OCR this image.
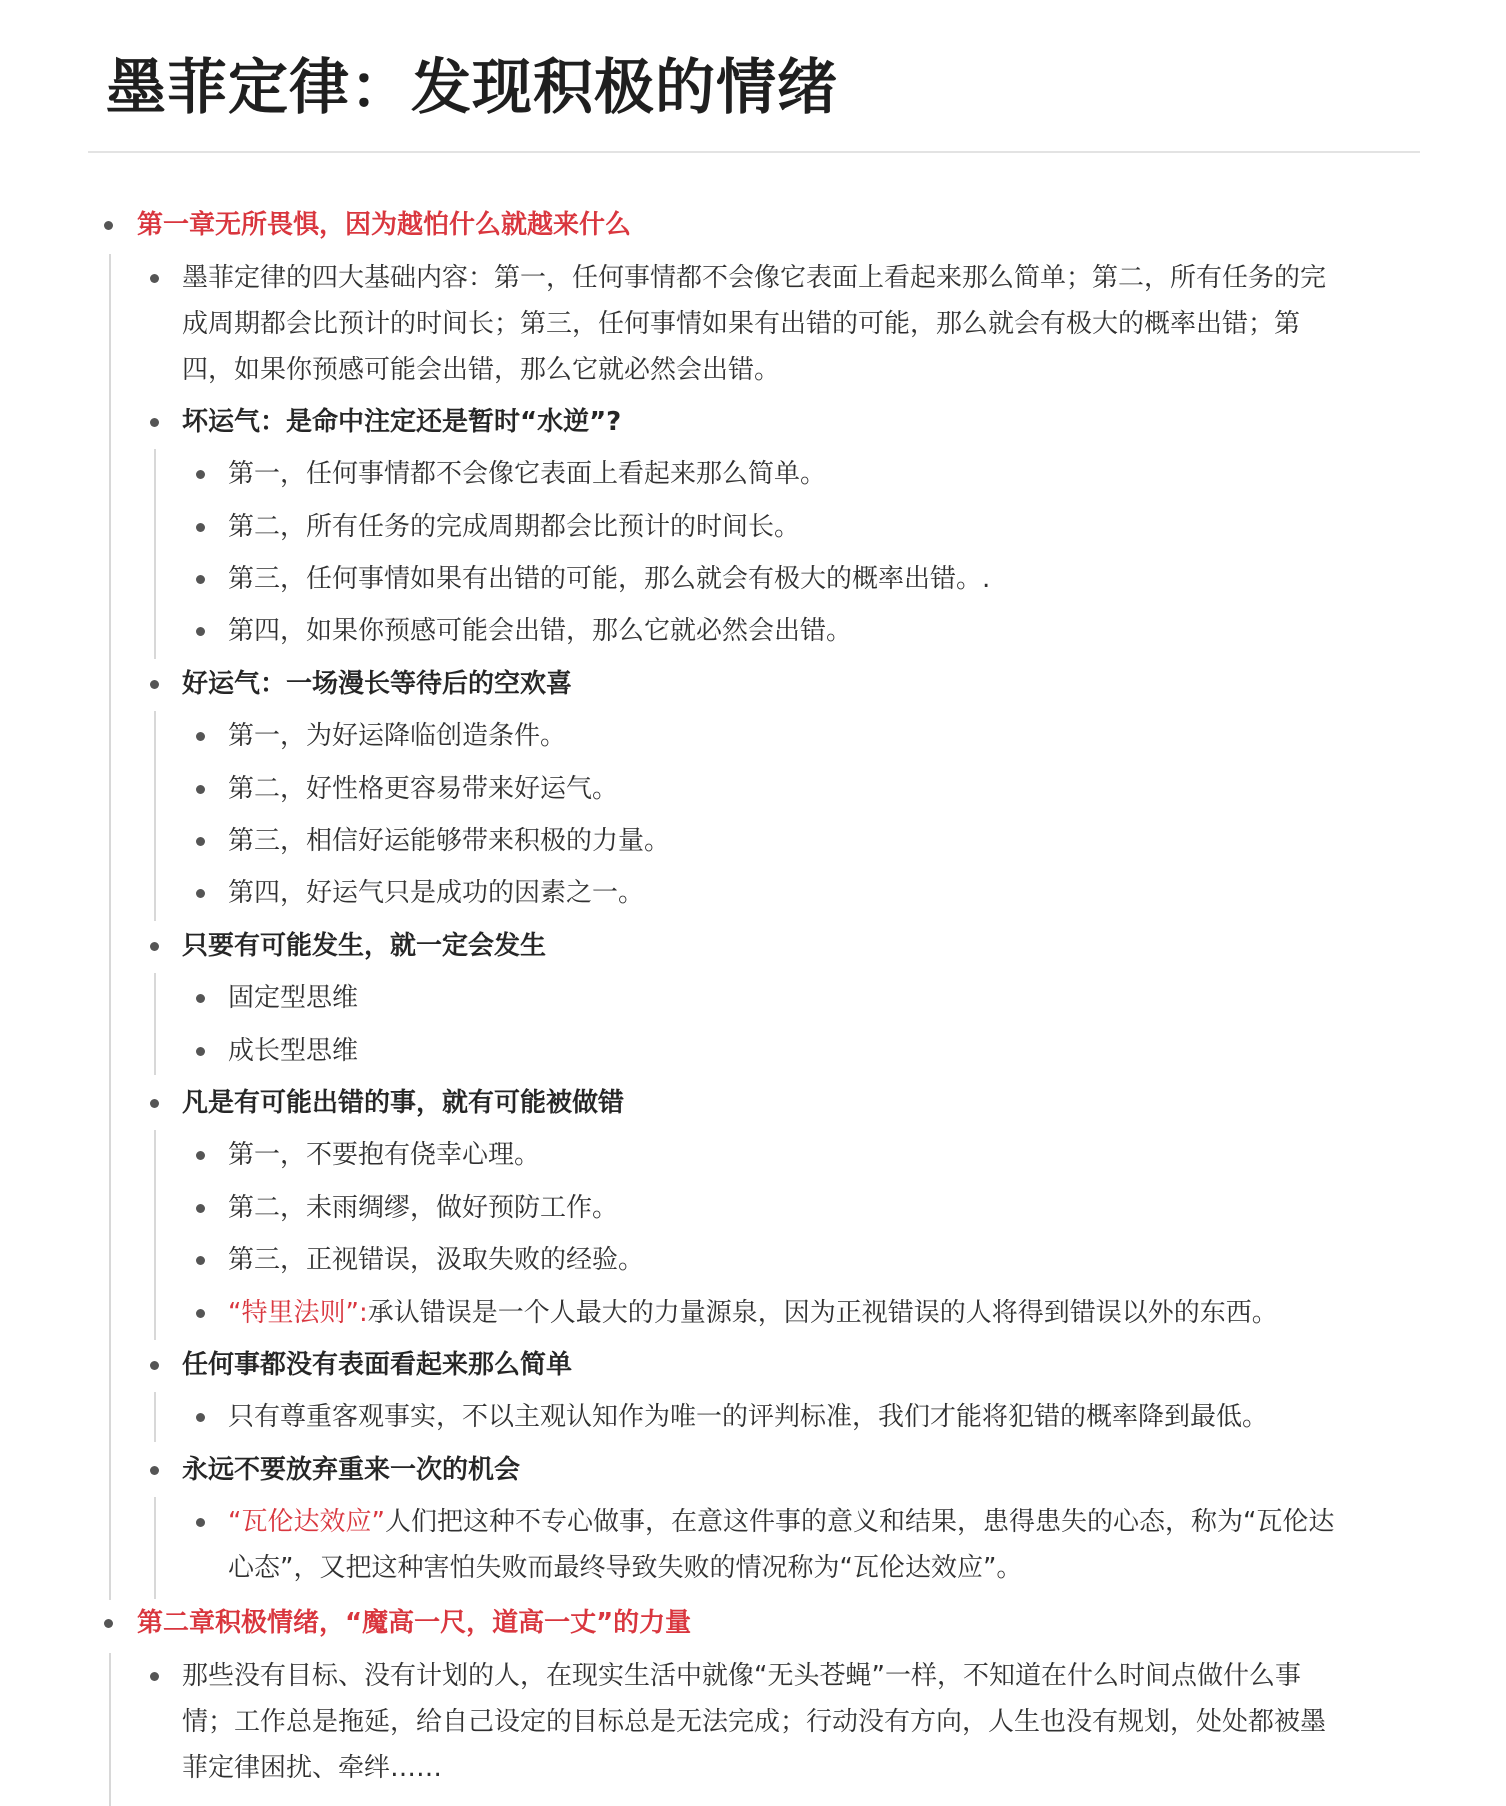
墨菲定律：发现积极的情绪
第一章无所畏惧，因为越怕什么就越来什么
墨菲定律的四大基础内容：第一，任何事情都不会像它表面上看起来那么简单；第二，所有任务的完
成周期都会比预计的时间长；第三，任何事情如果有出错的可能，那么就会有极大的概率出错；第
四，如果你预感可能会出错，那么它就必然会出错。
坏运气：是命中注定还是暂时“水逆”?
第一，任何事情都不会像它表面上看起来那么简单。
第二，所有任务的完成周期都会比预计的时间长。
第三，任何事情如果有出错的可能，那么就会有极大的概率出错。.
第四，如果你预感可能会出错，那么它就必然会出错。
好运气：一场漫长等待后的空欢喜
第一，为好运降临创造条件。
第二，好性格更容易带来好运气。
第三，相信好运能够带来积极的力量。
第四，好运气只是成功的因素之一。
只要有可能发生，就一定会发生
固定型思维
成长型思维
凡是有可能出错的事，就有可能被做错
第一，不要抱有侥幸心理。
第二，未雨绸缪，做好预防工作。
第三，正视错误，汲取失败的经验。
“特里法则”:承认错误是一个人最大的力量源泉，因为正视错误的人将得到错误以外的东西。
任何事都没有表面看起来那么简单
只有尊重客观事实，不以主观认知作为唯一的评判标准，我们才能将犯错的概率降到最低。
永远不要放弃重来一次的机会
“瓦伦达效应”人们把这种不专心做事，在意这件事的意义和结果，患得患失的心态，称为“瓦伦达
心态”，又把这种害怕失败而最终导致失败的情况称为“瓦伦达效应”。
第二章积极情绪，“魔高一尺，道高一丈”的力量
那些没有目标、没有计划的人，在现实生活中就像“无头苍蝇”一样，不知道在什么时间点做什么事
情；工作总是拖延，给自己设定的目标总是无法完成；行动没有方向，人生也没有规划，处处都被墨
菲定律困扰、牵绊……
